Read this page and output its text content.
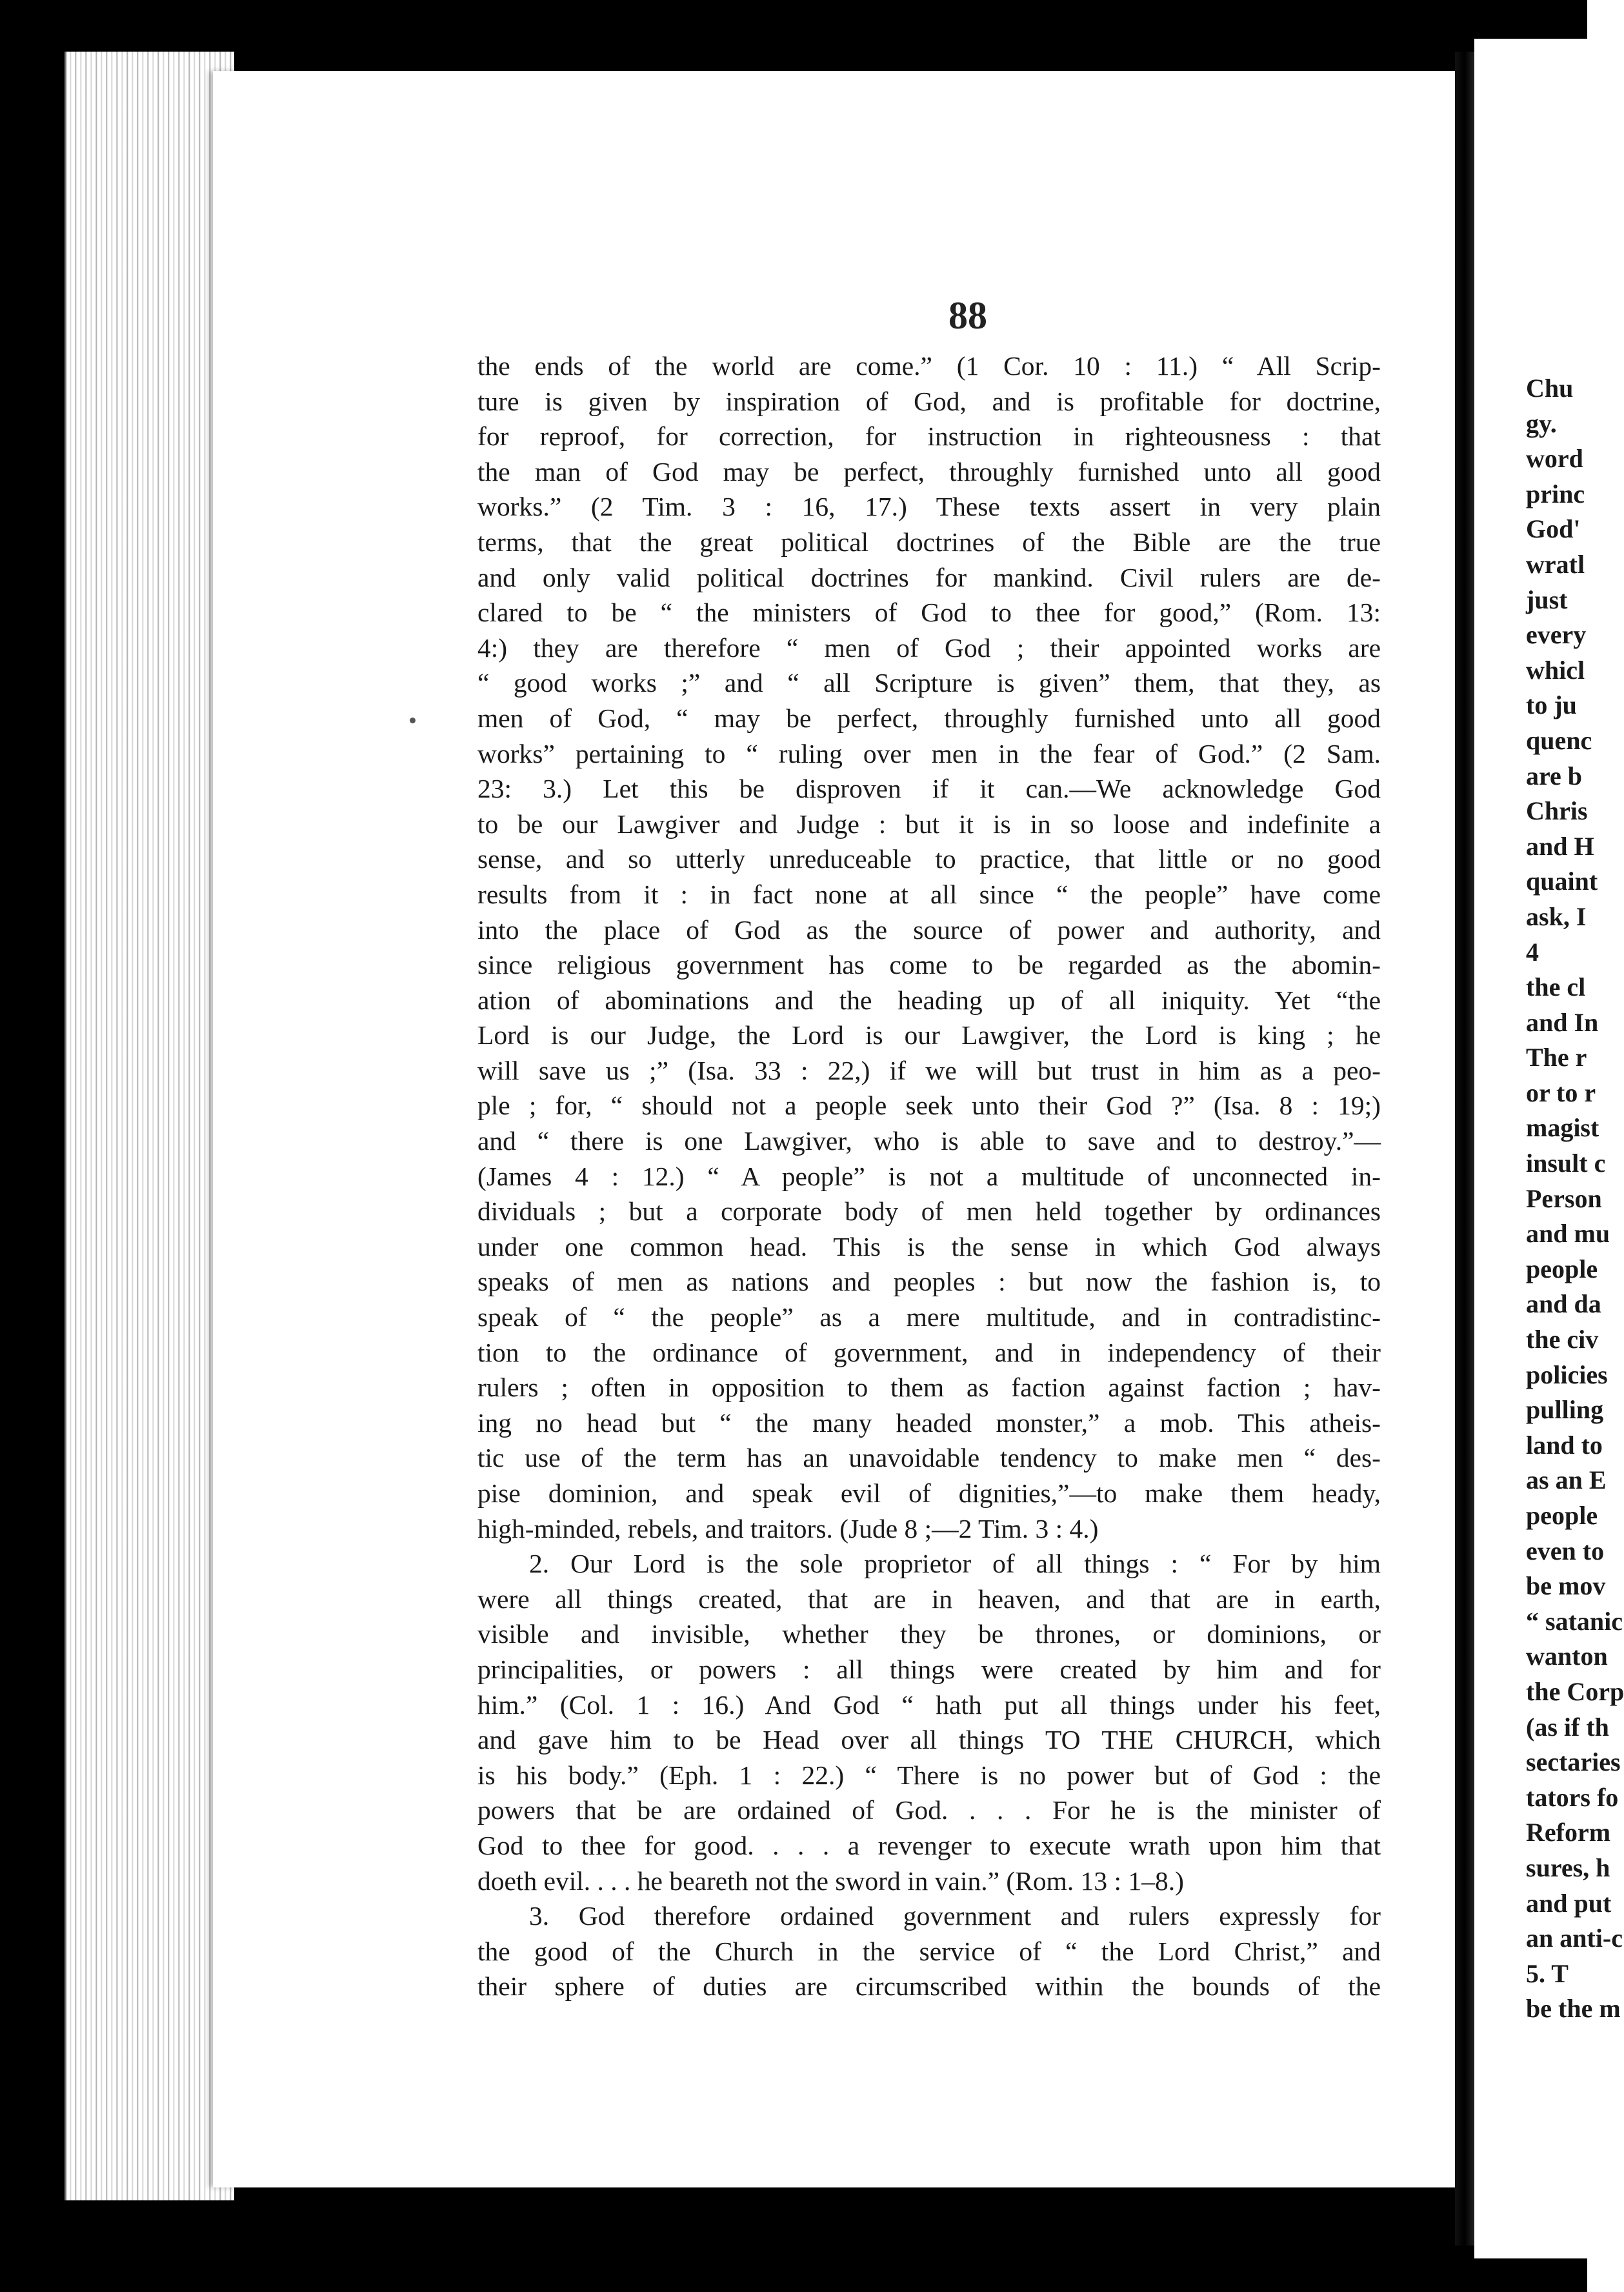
88
the ends of the world are come.” (1 Cor. 10 : 11.) “ All Scrip-
ture is given by inspiration of God, and is profitable for doctrine,
for reproof, for correction, for instruction in righteousness : that
the man of God may be perfect, throughly furnished unto all good
works.” (2 Tim. 3 : 16, 17.) These texts assert in very plain
terms, that the great political doctrines of the Bible are the true
and only valid political doctrines for mankind. Civil rulers are de-
clared to be “ the ministers of God to thee for good,” (Rom. 13:
4:) they are therefore “ men of God ; their appointed works are
“ good works ;” and “ all Scripture is given” them, that they, as
men of God, “ may be perfect, throughly furnished unto all good
works” pertaining to “ ruling over men in the fear of God.” (2 Sam.
23: 3.) Let this be disproven if it can.—We acknowledge God
to be our Lawgiver and Judge : but it is in so loose and indefinite a
sense, and so utterly unreduceable to practice, that little or no good
results from it : in fact none at all since “ the people” have come
into the place of God as the source of power and authority, and
since religious government has come to be regarded as the abomin-
ation of abominations and the heading up of all iniquity. Yet “the
Lord is our Judge, the Lord is our Lawgiver, the Lord is king ; he
will save us ;” (Isa. 33 : 22,) if we will but trust in him as a peo-
ple ; for, “ should not a people seek unto their God ?” (Isa. 8 : 19;)
and “ there is one Lawgiver, who is able to save and to destroy.”—
(James 4 : 12.) “ A people” is not a multitude of unconnected in-
dividuals ; but a corporate body of men held together by ordinances
under one common head. This is the sense in which God always
speaks of men as nations and peoples : but now the fashion is, to
speak of “ the people” as a mere multitude, and in contradistinc-
tion to the ordinance of government, and in independency of their
rulers ; often in opposition to them as faction against faction ; hav-
ing no head but “ the many headed monster,” a mob. This atheis-
tic use of the term has an unavoidable tendency to make men “ des-
pise dominion, and speak evil of dignities,”—to make them heady,
high-minded, rebels, and traitors. (Jude 8 ;—2 Tim. 3 : 4.)
2. Our Lord is the sole proprietor of all things : “ For by him
were all things created, that are in heaven, and that are in earth,
visible and invisible, whether they be thrones, or dominions, or
principalities, or powers : all things were created by him and for
him.” (Col. 1 : 16.) And God “ hath put all things under his feet,
and gave him to be Head over all things TO THE CHURCH, which
is his body.” (Eph. 1 : 22.) “ There is no power but of God : the
powers that be are ordained of God. . . . For he is the minister of
God to thee for good. . . . a revenger to execute wrath upon him that
doeth evil. . . . he beareth not the sword in vain.” (Rom. 13 : 1–8.)
3. God therefore ordained government and rulers expressly for
the good of the Church in the service of “ the Lord Christ,” and
their sphere of duties are circumscribed within the bounds of the
Chu
gy.
word
princ
God'
wratl
just
every
whicl
to ju
quenc
are b
Chris
and H
quaint
ask, I
4
the cl
and In
The r
or to r
magist
insult c
Person
and mu
people
and da
the civ
policies
pulling
land to
as an E
people
even to
be mov
“ satanic
wanton
the Corp
(as if th
sectaries
tators fo
Reform
sures, h
and put
an anti-c
5. T
be the m
